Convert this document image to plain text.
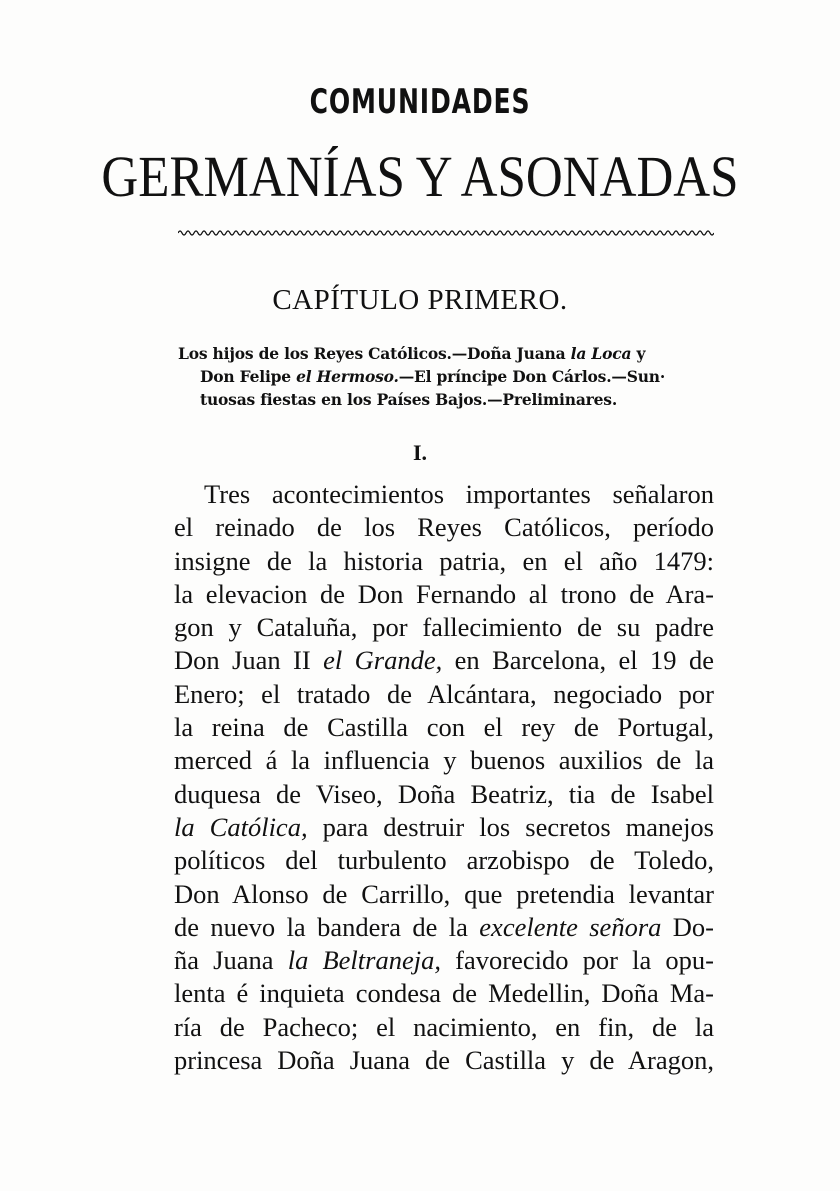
COMUNIDADES
GERMANÍAS Y ASONADAS
CAPÍTULO PRIMERO.
Los hijos de los Reyes Católicos.—Doña Juana la Loca y
Don Felipe el Hermoso.—El príncipe Don Cárlos.—Sun·
tuosas fiestas en los Países Bajos.—Preliminares.
I.
Tres acontecimientos importantes señalaron
el reinado de los Reyes Católicos, período
insigne de la historia patria, en el año 1479:
la elevacion de Don Fernando al trono de Ara-
gon y Cataluña, por fallecimiento de su padre
Don Juan II el Grande, en Barcelona, el 19 de
Enero; el tratado de Alcántara, negociado por
la reina de Castilla con el rey de Portugal,
merced á la influencia y buenos auxilios de la
duquesa de Viseo, Doña Beatriz, tia de Isabel
la Católica, para destruir los secretos manejos
políticos del turbulento arzobispo de Toledo,
Don Alonso de Carrillo, que pretendia levantar
de nuevo la bandera de la excelente señora Do-
ña Juana la Beltraneja, favorecido por la opu-
lenta é inquieta condesa de Medellin, Doña Ma-
ría de Pacheco; el nacimiento, en fin, de la
princesa Doña Juana de Castilla y de Aragon,
